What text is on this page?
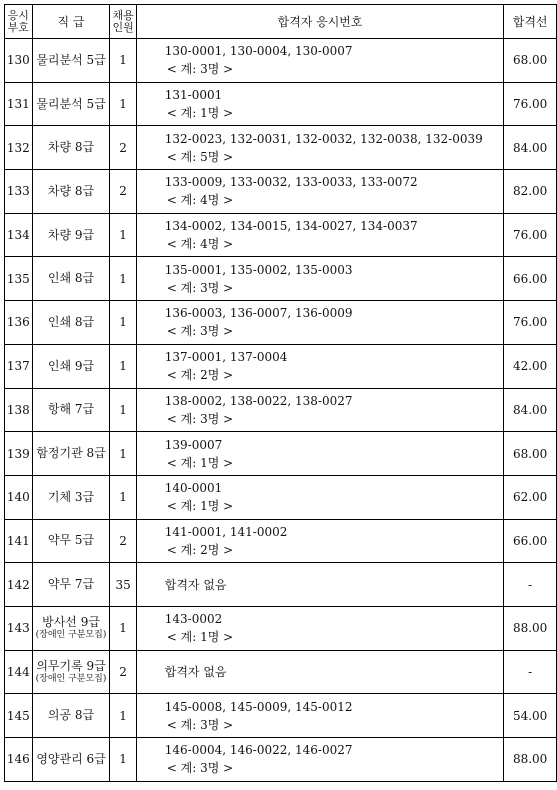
응시
부호	직 급	채용
인원	합격자 응시번호	합격선
130	물리분석 5급	1	130-0001, 130-0004, 130-0007
< 계: 3명 >	68.00
131	물리분석 5급	1	131-0001
< 계: 1명 >	76.00
132	차량 8급	2	132-0023, 132-0031, 132-0032, 132-0038, 132-0039
< 계: 5명 >	84.00
133	차량 8급	2	133-0009, 133-0032, 133-0033, 133-0072
< 계: 4명 >	82.00
134	차량 9급	1	134-0002, 134-0015, 134-0027, 134-0037
< 계: 4명 >	76.00
135	인쇄 8급	1	135-0001, 135-0002, 135-0003
< 계: 3명 >	66.00
136	인쇄 8급	1	136-0003, 136-0007, 136-0009
< 계: 3명 >	76.00
137	인쇄 9급	1	137-0001, 137-0004
< 계: 2명 >	42.00
138	항해 7급	1	138-0002, 138-0022, 138-0027
< 계: 3명 >	84.00
139	함정기관 8급	1	139-0007
< 계: 1명 >	68.00
140	기체 3급	1	140-0001
< 계: 1명 >	62.00
141	약무 5급	2	141-0001, 141-0002
< 계: 2명 >	66.00
142	약무 7급	35	합격자 없음	-
143	방사선 9급
(장애인 구분모집)	1	143-0002
< 계: 1명 >	88.00
144	의무기록 9급
(장애인 구분모집)	2	합격자 없음	-
145	의공 8급	1	145-0008, 145-0009, 145-0012
< 계: 3명 >	54.00
146	영양관리 6급	1	146-0004, 146-0022, 146-0027
< 계: 3명 >	88.00
